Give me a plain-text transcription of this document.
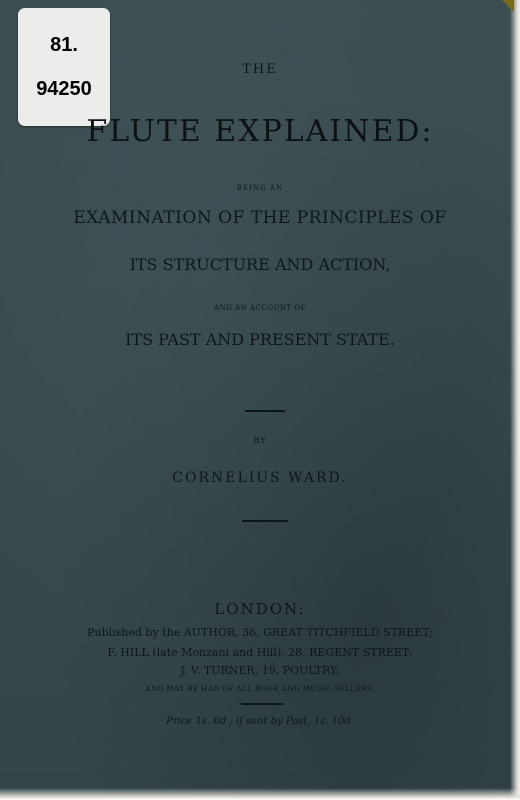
81.
94250
THE
FLUTE EXPLAINED:
BEING AN
EXAMINATION OF THE PRINCIPLES OF
ITS STRUCTURE AND ACTION,
AND AN ACCOUNT OF
ITS PAST AND PRESENT STATE.
BY
CORNELIUS WARD.
LONDON:
Published by the AUTHOR, 36, GREAT TITCHFIELD STREET;
F. HILL (late Monzani and Hill), 28, REGENT STREET:
J. V. TURNER, 19, POULTRY;
AND MAY BE HAD OF ALL BOOK AND MUSIC-SELLERS.
Price 1s. 6d ; if sent by Post, 1s. 10d.
